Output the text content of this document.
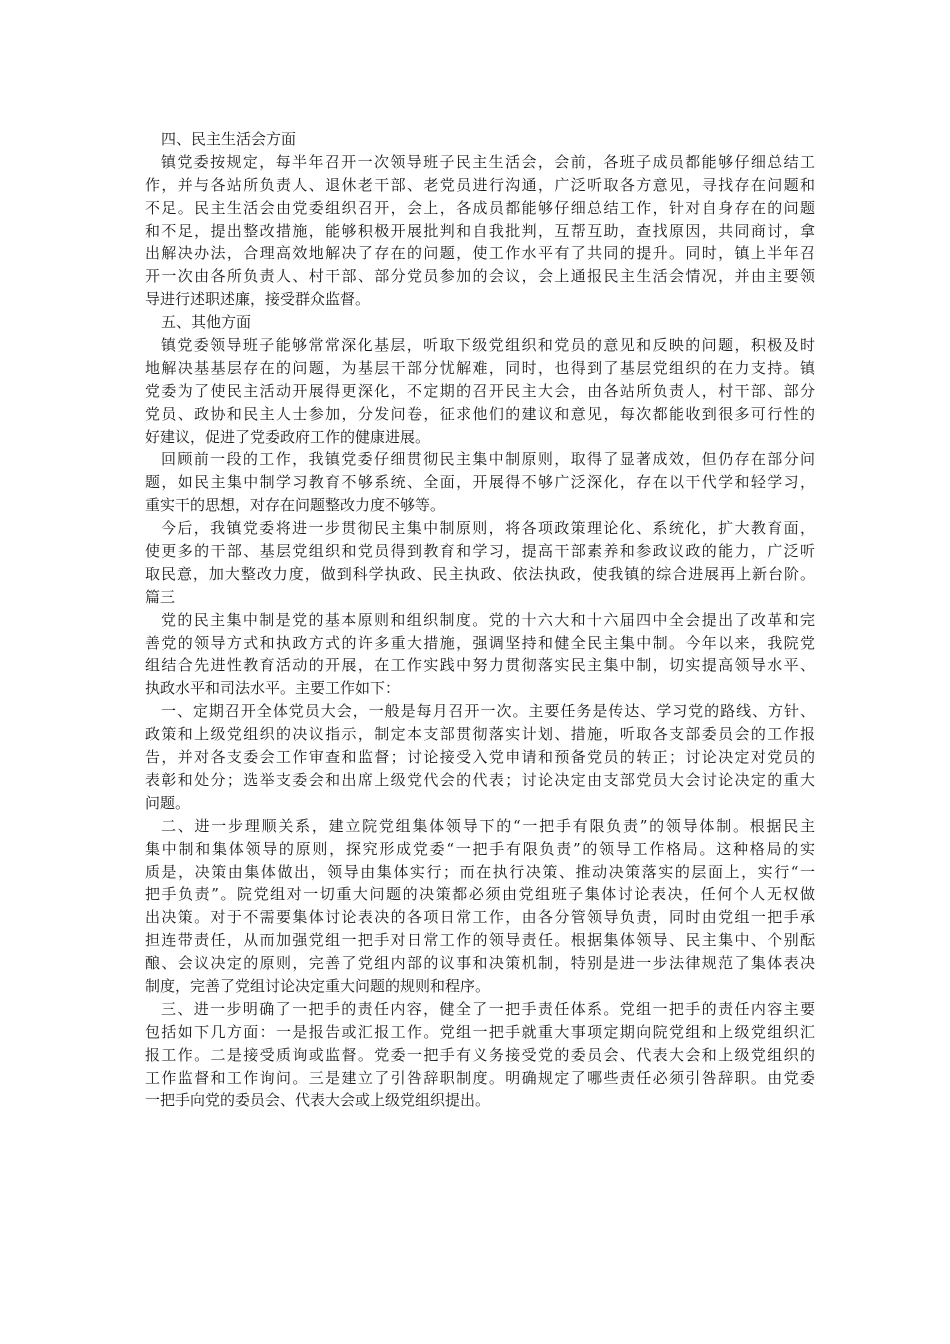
四、民主生活会方面
镇党委按规定，每半年召开一次领导班子民主生活会，会前，各班子成员都能够仔细总结工
作，并与各站所负责人、退休老干部、老党员进行沟通，广泛听取各方意见，寻找存在问题和
不足。民主生活会由党委组织召开，会上，各成员都能够仔细总结工作，针对自身存在的问题
和不足，提出整改措施，能够积极开展批判和自我批判，互帮互助，查找原因，共同商讨，拿
出解决办法，合理高效地解决了存在的问题，使工作水平有了共同的提升。同时，镇上半年召
开一次由各所负责人、村干部、部分党员参加的会议，会上通报民主生活会情况，并由主要领
导进行述职述廉，接受群众监督。
五、其他方面
镇党委领导班子能够常常深化基层，听取下级党组织和党员的意见和反映的问题，积极及时
地解决基基层存在的问题，为基层干部分忧解难，同时，也得到了基层党组织的在力支持。镇
党委为了使民主活动开展得更深化，不定期的召开民主大会，由各站所负责人，村干部、部分
党员、政协和民主人士参加，分发问卷，征求他们的建议和意见，每次都能收到很多可行性的
好建议，促进了党委政府工作的健康进展。
回顾前一段的工作，我镇党委仔细贯彻民主集中制原则，取得了显著成效，但仍存在部分问
题，如民主集中制学习教育不够系统、全面，开展得不够广泛深化，存在以干代学和轻学习，
重实干的思想，对存在问题整改力度不够等。
今后，我镇党委将进一步贯彻民主集中制原则，将各项政策理论化、系统化，扩大教育面，
使更多的干部、基层党组织和党员得到教育和学习，提高干部素养和参政议政的能力，广泛听
取民意，加大整改力度，做到科学执政、民主执政、依法执政，使我镇的综合进展再上新台阶。
篇三
党的民主集中制是党的基本原则和组织制度。党的十六大和十六届四中全会提出了改革和完
善党的领导方式和执政方式的许多重大措施，强调坚持和健全民主集中制。今年以来，我院党
组结合先进性教育活动的开展，在工作实践中努力贯彻落实民主集中制，切实提高领导水平、
执政水平和司法水平。主要工作如下：
一、定期召开全体党员大会，一般是每月召开一次。主要任务是传达、学习党的路线、方针、
政策和上级党组织的决议指示，制定本支部贯彻落实计划、措施，听取各支部委员会的工作报
告，并对各支委会工作审查和监督；讨论接受入党申请和预备党员的转正；讨论决定对党员的
表彰和处分；选举支委会和出席上级党代会的代表；讨论决定由支部党员大会讨论决定的重大
问题。
二、进一步理顺关系，建立院党组集体领导下的“一把手有限负责”的领导体制。根据民主
集中制和集体领导的原则，探究形成党委“一把手有限负责”的领导工作格局。这种格局的实
质是，决策由集体做出，领导由集体实行；而在执行决策、推动决策落实的层面上，实行“一
把手负责”。院党组对一切重大问题的决策都必须由党组班子集体讨论表决，任何个人无权做
出决策。对于不需要集体讨论表决的各项日常工作，由各分管领导负责，同时由党组一把手承
担连带责任，从而加强党组一把手对日常工作的领导责任。根据集体领导、民主集中、个别酝
酿、会议决定的原则，完善了党组内部的议事和决策机制，特别是进一步法律规范了集体表决
制度，完善了党组讨论决定重大问题的规则和程序。
三、进一步明确了一把手的责任内容，健全了一把手责任体系。党组一把手的责任内容主要
包括如下几方面：一是报告或汇报工作。党组一把手就重大事项定期向院党组和上级党组织汇
报工作。二是接受质询或监督。党委一把手有义务接受党的委员会、代表大会和上级党组织的
工作监督和工作询问。三是建立了引咎辞职制度。明确规定了哪些责任必须引咎辞职。由党委
一把手向党的委员会、代表大会或上级党组织提出。
